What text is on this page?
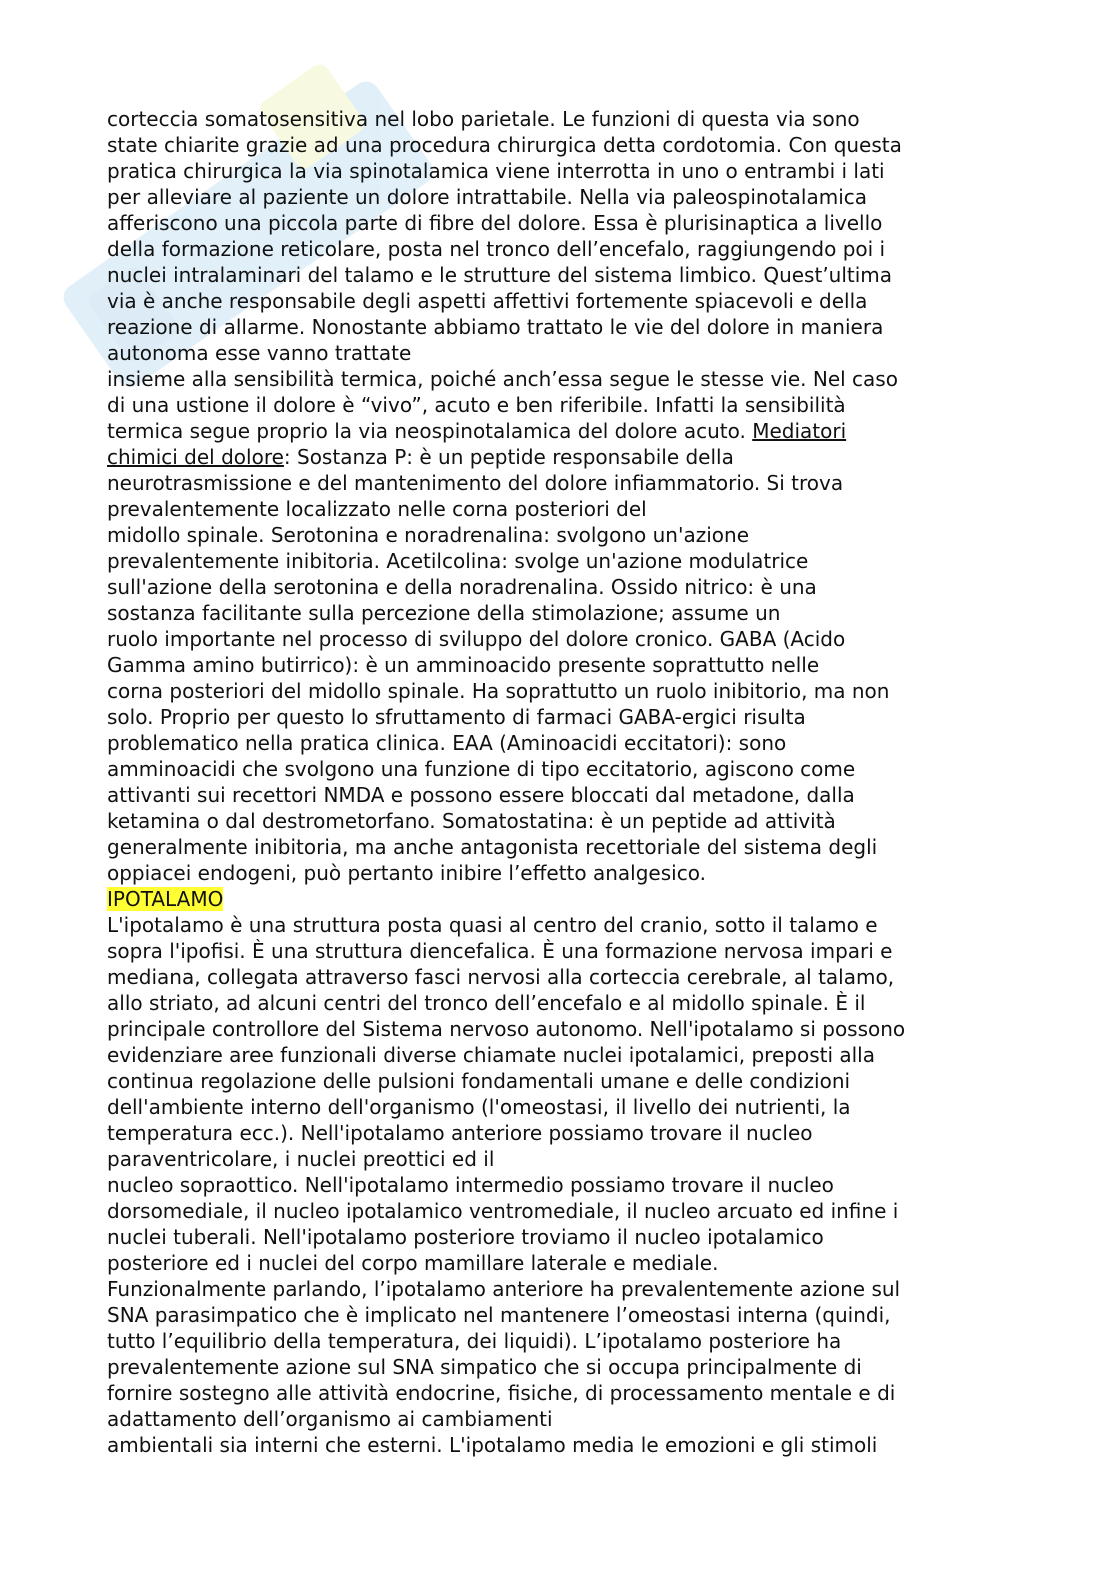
corteccia somatosensitiva nel lobo parietale. Le funzioni di questa via sono
state chiarite grazie ad una procedura chirurgica detta cordotomia. Con questa
pratica chirurgica la via spinotalamica viene interrotta in uno o entrambi i lati
per alleviare al paziente un dolore intrattabile. Nella via paleospinotalamica
afferiscono una piccola parte di fibre del dolore. Essa è plurisinaptica a livello
della formazione reticolare, posta nel tronco dell’encefalo, raggiungendo poi i
nuclei intralaminari del talamo e le strutture del sistema limbico. Quest’ultima
via è anche responsabile degli aspetti affettivi fortemente spiacevoli e della
reazione di allarme. Nonostante abbiamo trattato le vie del dolore in maniera
autonoma esse vanno trattate
insieme alla sensibilità termica, poiché anch’essa segue le stesse vie. Nel caso
di una ustione il dolore è “vivo”, acuto e ben riferibile. Infatti la sensibilità
termica segue proprio la via neospinotalamica del dolore acuto. Mediatori
chimici del dolore: Sostanza P: è un peptide responsabile della
neurotrasmissione e del mantenimento del dolore infiammatorio. Si trova
prevalentemente localizzato nelle corna posteriori del
midollo spinale. Serotonina e noradrenalina: svolgono un'azione
prevalentemente inibitoria. Acetilcolina: svolge un'azione modulatrice
sull'azione della serotonina e della noradrenalina. Ossido nitrico: è una
sostanza facilitante sulla percezione della stimolazione; assume un
ruolo importante nel processo di sviluppo del dolore cronico. GABA (Acido
Gamma amino butirrico): è un amminoacido presente soprattutto nelle
corna posteriori del midollo spinale. Ha soprattutto un ruolo inibitorio, ma non
solo. Proprio per questo lo sfruttamento di farmaci GABA-ergici risulta
problematico nella pratica clinica. EAA (Aminoacidi eccitatori): sono
amminoacidi che svolgono una funzione di tipo eccitatorio, agiscono come
attivanti sui recettori NMDA e possono essere bloccati dal metadone, dalla
ketamina o dal destrometorfano. Somatostatina: è un peptide ad attività
generalmente inibitoria, ma anche antagonista recettoriale del sistema degli
oppiacei endogeni, può pertanto inibire l’effetto analgesico.
IPOTALAMO
L'ipotalamo è una struttura posta quasi al centro del cranio, sotto il talamo e
sopra l'ipofisi. È una struttura diencefalica. È una formazione nervosa impari e
mediana, collegata attraverso fasci nervosi alla corteccia cerebrale, al talamo,
allo striato, ad alcuni centri del tronco dell’encefalo e al midollo spinale. È il
principale controllore del Sistema nervoso autonomo. Nell'ipotalamo si possono
evidenziare aree funzionali diverse chiamate nuclei ipotalamici, preposti alla
continua regolazione delle pulsioni fondamentali umane e delle condizioni
dell'ambiente interno dell'organismo (l'omeostasi, il livello dei nutrienti, la
temperatura ecc.). Nell'ipotalamo anteriore possiamo trovare il nucleo
paraventricolare, i nuclei preottici ed il
nucleo sopraottico. Nell'ipotalamo intermedio possiamo trovare il nucleo
dorsomediale, il nucleo ipotalamico ventromediale, il nucleo arcuato ed infine i
nuclei tuberali. Nell'ipotalamo posteriore troviamo il nucleo ipotalamico
posteriore ed i nuclei del corpo mamillare laterale e mediale.
Funzionalmente parlando, l’ipotalamo anteriore ha prevalentemente azione sul
SNA parasimpatico che è implicato nel mantenere l’omeostasi interna (quindi,
tutto l’equilibrio della temperatura, dei liquidi). L’ipotalamo posteriore ha
prevalentemente azione sul SNA simpatico che si occupa principalmente di
fornire sostegno alle attività endocrine, fisiche, di processamento mentale e di
adattamento dell’organismo ai cambiamenti
ambientali sia interni che esterni. L'ipotalamo media le emozioni e gli stimoli
